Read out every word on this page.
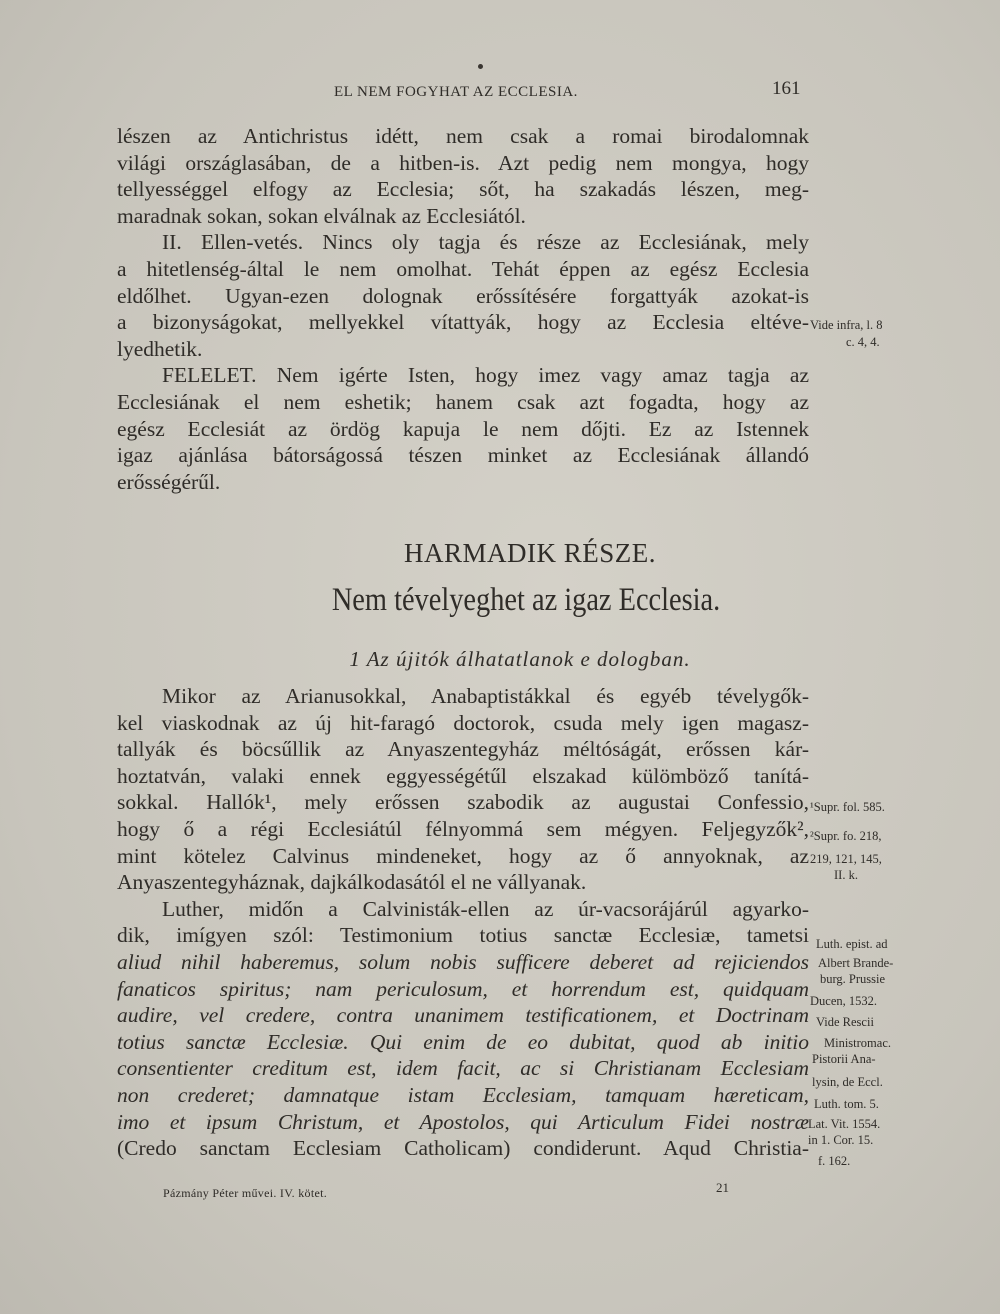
EL NEM FOGYHAT AZ ECCLESIA.	161
lészen az Antichristus idétt, nem csak a romai birodalomnak
világi országlasában, de a hitben-is. Azt pedig nem mongya, hogy
tellyességgel elfogy az Ecclesia; sőt, ha szakadás lészen, meg-
maradnak sokan, sokan elválnak az Ecclesiától.
II. Ellen-vetés. Nincs oly tagja és része az Ecclesiának, mely
a hitetlenség-által le nem omolhat. Tehát éppen az egész Ecclesia
eldőlhet. Ugyan-ezen dolognak erőssítésére forgattyák azokat-is
a bizonyságokat, mellyekkel vítattyák, hogy az Ecclesia eltéve-
lyedhetik.
FELELET. Nem igérte Isten, hogy imez vagy amaz tagja az
Ecclesiának el nem eshetik; hanem csak azt fogadta, hogy az
egész Ecclesiát az ördög kapuja le nem dőjti. Ez az Istennek
igaz ajánlása bátorságossá tészen minket az Ecclesiának állandó
erősségérűl.
HARMADIK RÉSZE.
Nem tévelyeghet az igaz Ecclesia.
1 Az újitók álhatatlanok e dologban.
Mikor az Arianusokkal, Anabaptistákkal és egyéb tévelygők-
kel viaskodnak az új hit-faragó doctorok, csuda mely igen magasz-
tallyák és böcsűllik az Anyaszentegyház méltóságát, erőssen kár-
hoztatván, valaki ennek eggyességétűl elszakad külömböző tanítá-
sokkal. Hallók¹, mely erőssen szabodik az augustai Confessio,
hogy ő a régi Ecclesiátúl félnyommá sem mégyen. Feljegyzők²,
mint kötelez Calvinus mindeneket, hogy az ő annyoknak, az
Anyaszentegyháznak, dajkálkodasától el ne vállyanak.
Luther, midőn a Calvinisták-ellen az úr-vacsorájárúl agyarko-
dik, imígyen szól: Testimonium totius sanctæ Ecclesiæ, tametsi
aliud nihil haberemus, solum nobis sufficere deberet ad rejiciendos
fanaticos spiritus; nam periculosum, et horrendum est, quidquam
audire, vel credere, contra unanimem testificationem, et Doctrinam
totius sanctæ Ecclesiæ. Qui enim de eo dubitat, quod ab initio
consentienter creditum est, idem facit, ac si Christianam Ecclesiam
non crederet; damnatque istam Ecclesiam, tamquam hæreticam,
imo et ipsum Christum, et Apostolos, qui Articulum Fidei nostræ
(Credo sanctam Ecclesiam Catholicam) condiderunt. Aqud Christia-
Vide infra, l. 8
c. 4, 4.
¹Supr. fol. 585.
²Supr. fo. 218,
219, 121, 145,
II. k.
Luth. epist. ad
Albert Brande-
burg. Prussie
Ducen, 1532.
Vide Rescii
Ministromac.
Pistorii Ana-
lysin, de Eccl.
Luth. tom. 5.
Lat. Vit. 1554.
in 1. Cor. 15.
f. 162.
Pázmány Péter művei. IV. kötet.	21
